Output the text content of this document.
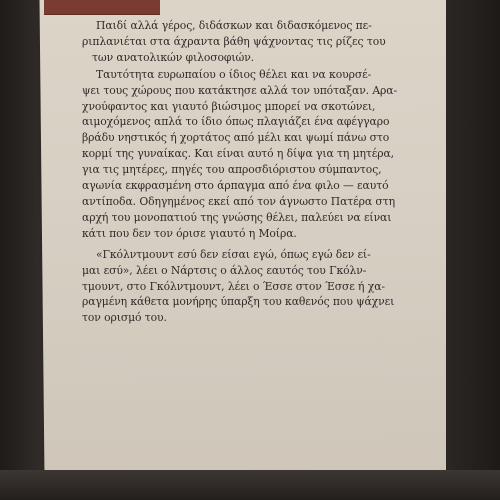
Παιδί αλλά γέρος, διδάσκων και διδασκόμενος πε-
ριπλανιέται στα άχραντα βάθη ψάχνοντας τις ρίζες του
των ανατολικών φιλοσοφιών.

Ταυτότητα ευρωπαίου ο ίδιος θέλει και να κουρσέ-
ψει τους χώρους που κατάκτησε αλλά τον υπόταξαν. Αρα-
χνούφαντος και γιαυτό βιώσιμος μπορεί να σκοτώνει,
αιμοχόμενος απλά το ίδιο όπως πλαγιάζει ένα αφέγγαρο
βράδυ νηστικός ή χορτάτος από μέλι και ψωμί πάνω στο
κορμί της γυναίκας. Και είναι αυτό η δίψα για τη μητέρα,
για τις μητέρες, πηγές του απροσδιόριστου σύμπαντος,
αγωνία εκφρασμένη στο άρπαγμα από ένα φιλο — εαυτό
αντίποδα. Οδηγημένος εκεί από τον άγνωστο Πατέρα στη
αρχή του μονοπατιού της γνώσης θέλει, παλεύει να είναι
κάτι που δεν τον όρισε γιαυτό η Μοίρα.

«Γκόλντμουντ εσύ δεν είσαι εγώ, όπως εγώ δεν εί-
μαι εσύ», λέει ο Νάρτσις ο άλλος εαυτός του Γκόλν-
τμουντ, στο Γκόλντμουντ, λέει ο Έσσε στον Έσσε ή χα-
ραγμένη κάθετα μονήρης ύπαρξη του καθενός που ψάχνει
τον ορισμό του.
